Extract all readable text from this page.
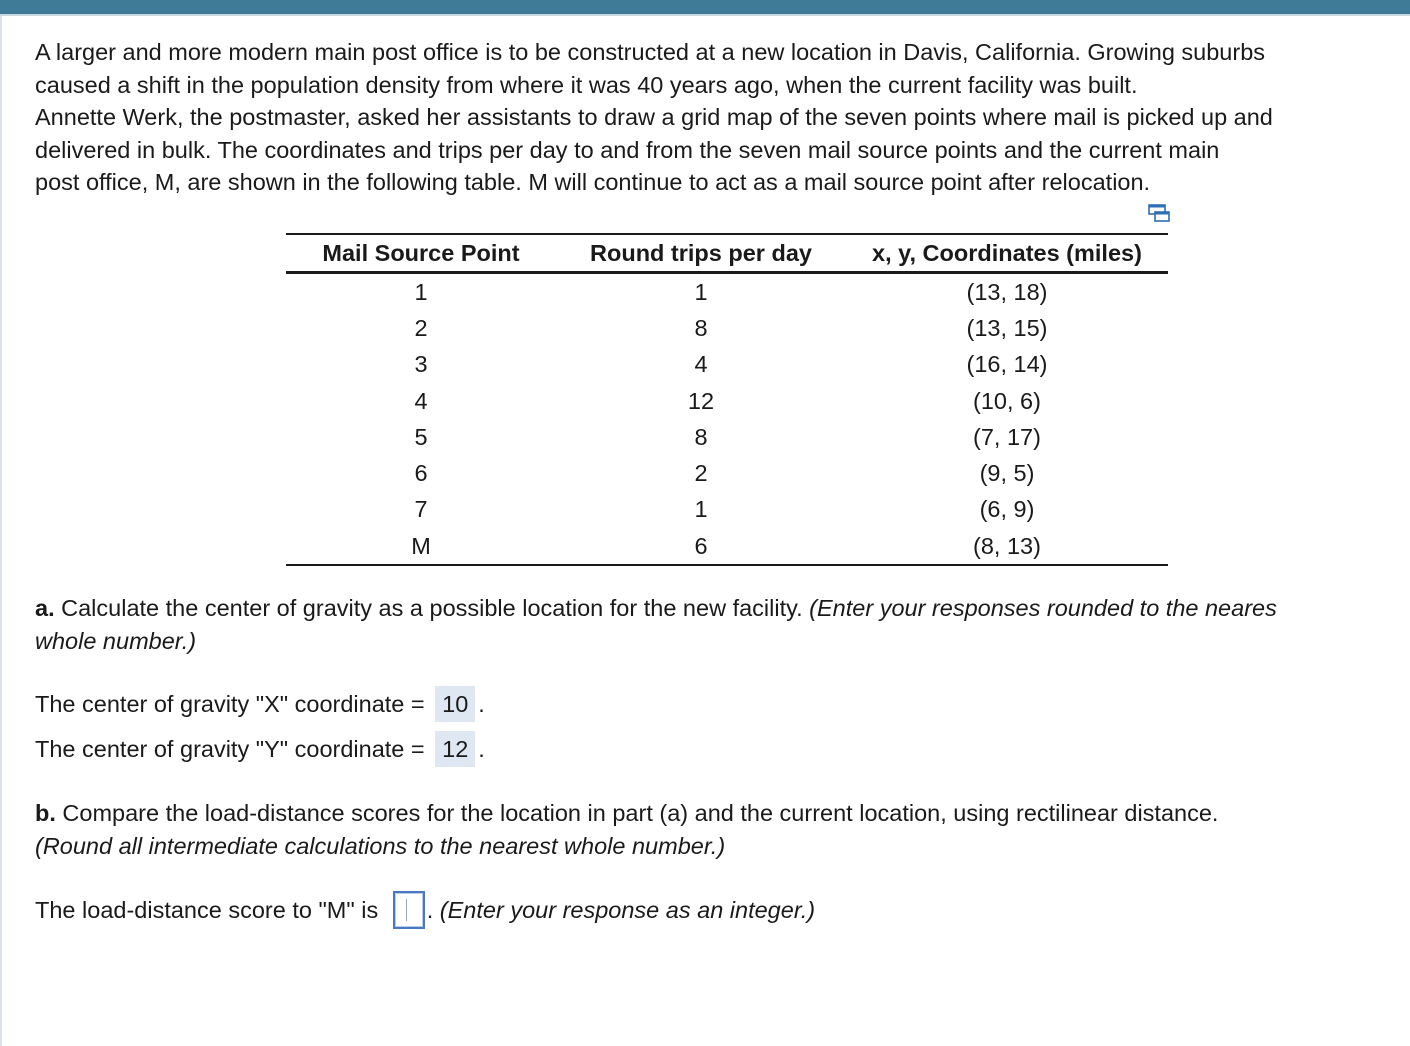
A larger and more modern main post office is to be constructed at a new location in Davis, California. Growing suburbs
caused a shift in the population density from where it was 40 years ago, when the current facility was built.
Annette Werk, the postmaster, asked her assistants to draw a grid map of the seven points where mail is picked up and
delivered in bulk. The coordinates and trips per day to and from the seven mail source points and the current main
post office, M, are shown in the following table. M will continue to act as a mail source point after relocation.
Mail Source Point	Round trips per day	x, y, Coordinates (miles)
1	1	(13, 18)
2	8	(13, 15)
3	4	(16, 14)
4	12	(10, 6)
5	8	(7, 17)
6	2	(9, 5)
7	1	(6, 9)
M	6	(8, 13)
a. Calculate the center of gravity as a possible location for the new facility. (Enter your responses rounded to the neares
whole number.)
The center of gravity "X" coordinate = 10 .
The center of gravity "Y" coordinate = 12 .
b. Compare the load-distance scores for the location in part (a) and the current location, using rectilinear distance.
(Round all intermediate calculations to the nearest whole number.)
The load-distance score to "M" is
. (Enter your response as an integer.)
